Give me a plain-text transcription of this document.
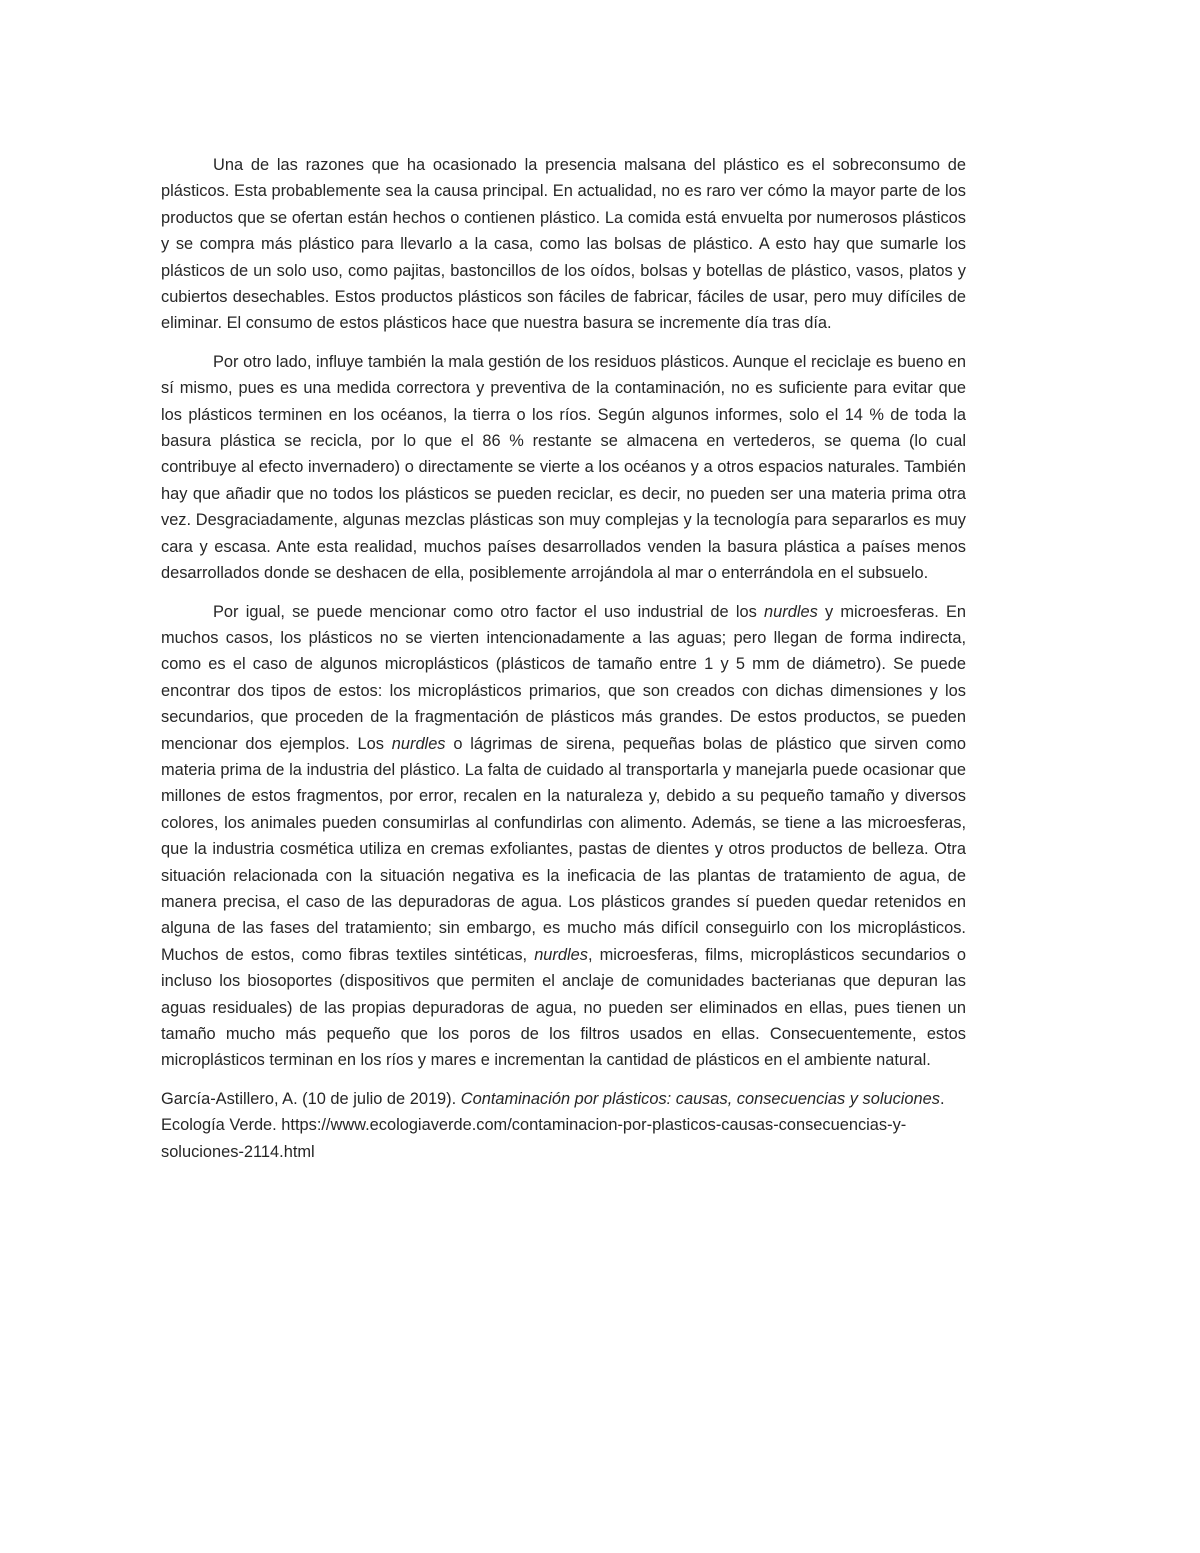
Una de las razones que ha ocasionado la presencia malsana del plástico es el sobreconsumo de plásticos. Esta probablemente sea la causa principal. En actualidad, no es raro ver cómo la mayor parte de los productos que se ofertan están hechos o contienen plástico. La comida está envuelta por numerosos plásticos y se compra más plástico para llevarlo a la casa, como las bolsas de plástico. A esto hay que sumarle los plásticos de un solo uso, como pajitas, bastoncillos de los oídos, bolsas y botellas de plástico, vasos, platos y cubiertos desechables. Estos productos plásticos son fáciles de fabricar, fáciles de usar, pero muy difíciles de eliminar. El consumo de estos plásticos hace que nuestra basura se incremente día tras día.

Por otro lado, influye también la mala gestión de los residuos plásticos. Aunque el reciclaje es bueno en sí mismo, pues es una medida correctora y preventiva de la contaminación, no es suficiente para evitar que los plásticos terminen en los océanos, la tierra o los ríos. Según algunos informes, solo el 14 % de toda la basura plástica se recicla, por lo que el 86 % restante se almacena en vertederos, se quema (lo cual contribuye al efecto invernadero) o directamente se vierte a los océanos y a otros espacios naturales. También hay que añadir que no todos los plásticos se pueden reciclar, es decir, no pueden ser una materia prima otra vez. Desgraciadamente, algunas mezclas plásticas son muy complejas y la tecnología para separarlos es muy cara y escasa. Ante esta realidad, muchos países desarrollados venden la basura plástica a países menos desarrollados donde se deshacen de ella, posiblemente arrojándola al mar o enterrándola en el subsuelo.

Por igual, se puede mencionar como otro factor el uso industrial de los nurdles y microesferas. En muchos casos, los plásticos no se vierten intencionadamente a las aguas; pero llegan de forma indirecta, como es el caso de algunos microplásticos (plásticos de tamaño entre 1 y 5 mm de diámetro). Se puede encontrar dos tipos de estos: los microplásticos primarios, que son creados con dichas dimensiones y los secundarios, que proceden de la fragmentación de plásticos más grandes. De estos productos, se pueden mencionar dos ejemplos. Los nurdles o lágrimas de sirena, pequeñas bolas de plástico que sirven como materia prima de la industria del plástico. La falta de cuidado al transportarla y manejarla puede ocasionar que millones de estos fragmentos, por error, recalen en la naturaleza y, debido a su pequeño tamaño y diversos colores, los animales pueden consumirlas al confundirlas con alimento. Además, se tiene a las microesferas, que la industria cosmética utiliza en cremas exfoliantes, pastas de dientes y otros productos de belleza. Otra situación relacionada con la situación negativa es la ineficacia de las plantas de tratamiento de agua, de manera precisa, el caso de las depuradoras de agua. Los plásticos grandes sí pueden quedar retenidos en alguna de las fases del tratamiento; sin embargo, es mucho más difícil conseguirlo con los microplásticos. Muchos de estos, como fibras textiles sintéticas, nurdles, microesferas, films, microplásticos secundarios o incluso los biosoportes (dispositivos que permiten el anclaje de comunidades bacterianas que depuran las aguas residuales) de las propias depuradoras de agua, no pueden ser eliminados en ellas, pues tienen un tamaño mucho más pequeño que los poros de los filtros usados en ellas. Consecuentemente, estos microplásticos terminan en los ríos y mares e incrementan la cantidad de plásticos en el ambiente natural.

García-Astillero, A. (10 de julio de 2019). Contaminación por plásticos: causas, consecuencias y soluciones. Ecología Verde. https://www.ecologiaverde.com/contaminacion-por-plasticos-causas-consecuencias-y-soluciones-2114.html
